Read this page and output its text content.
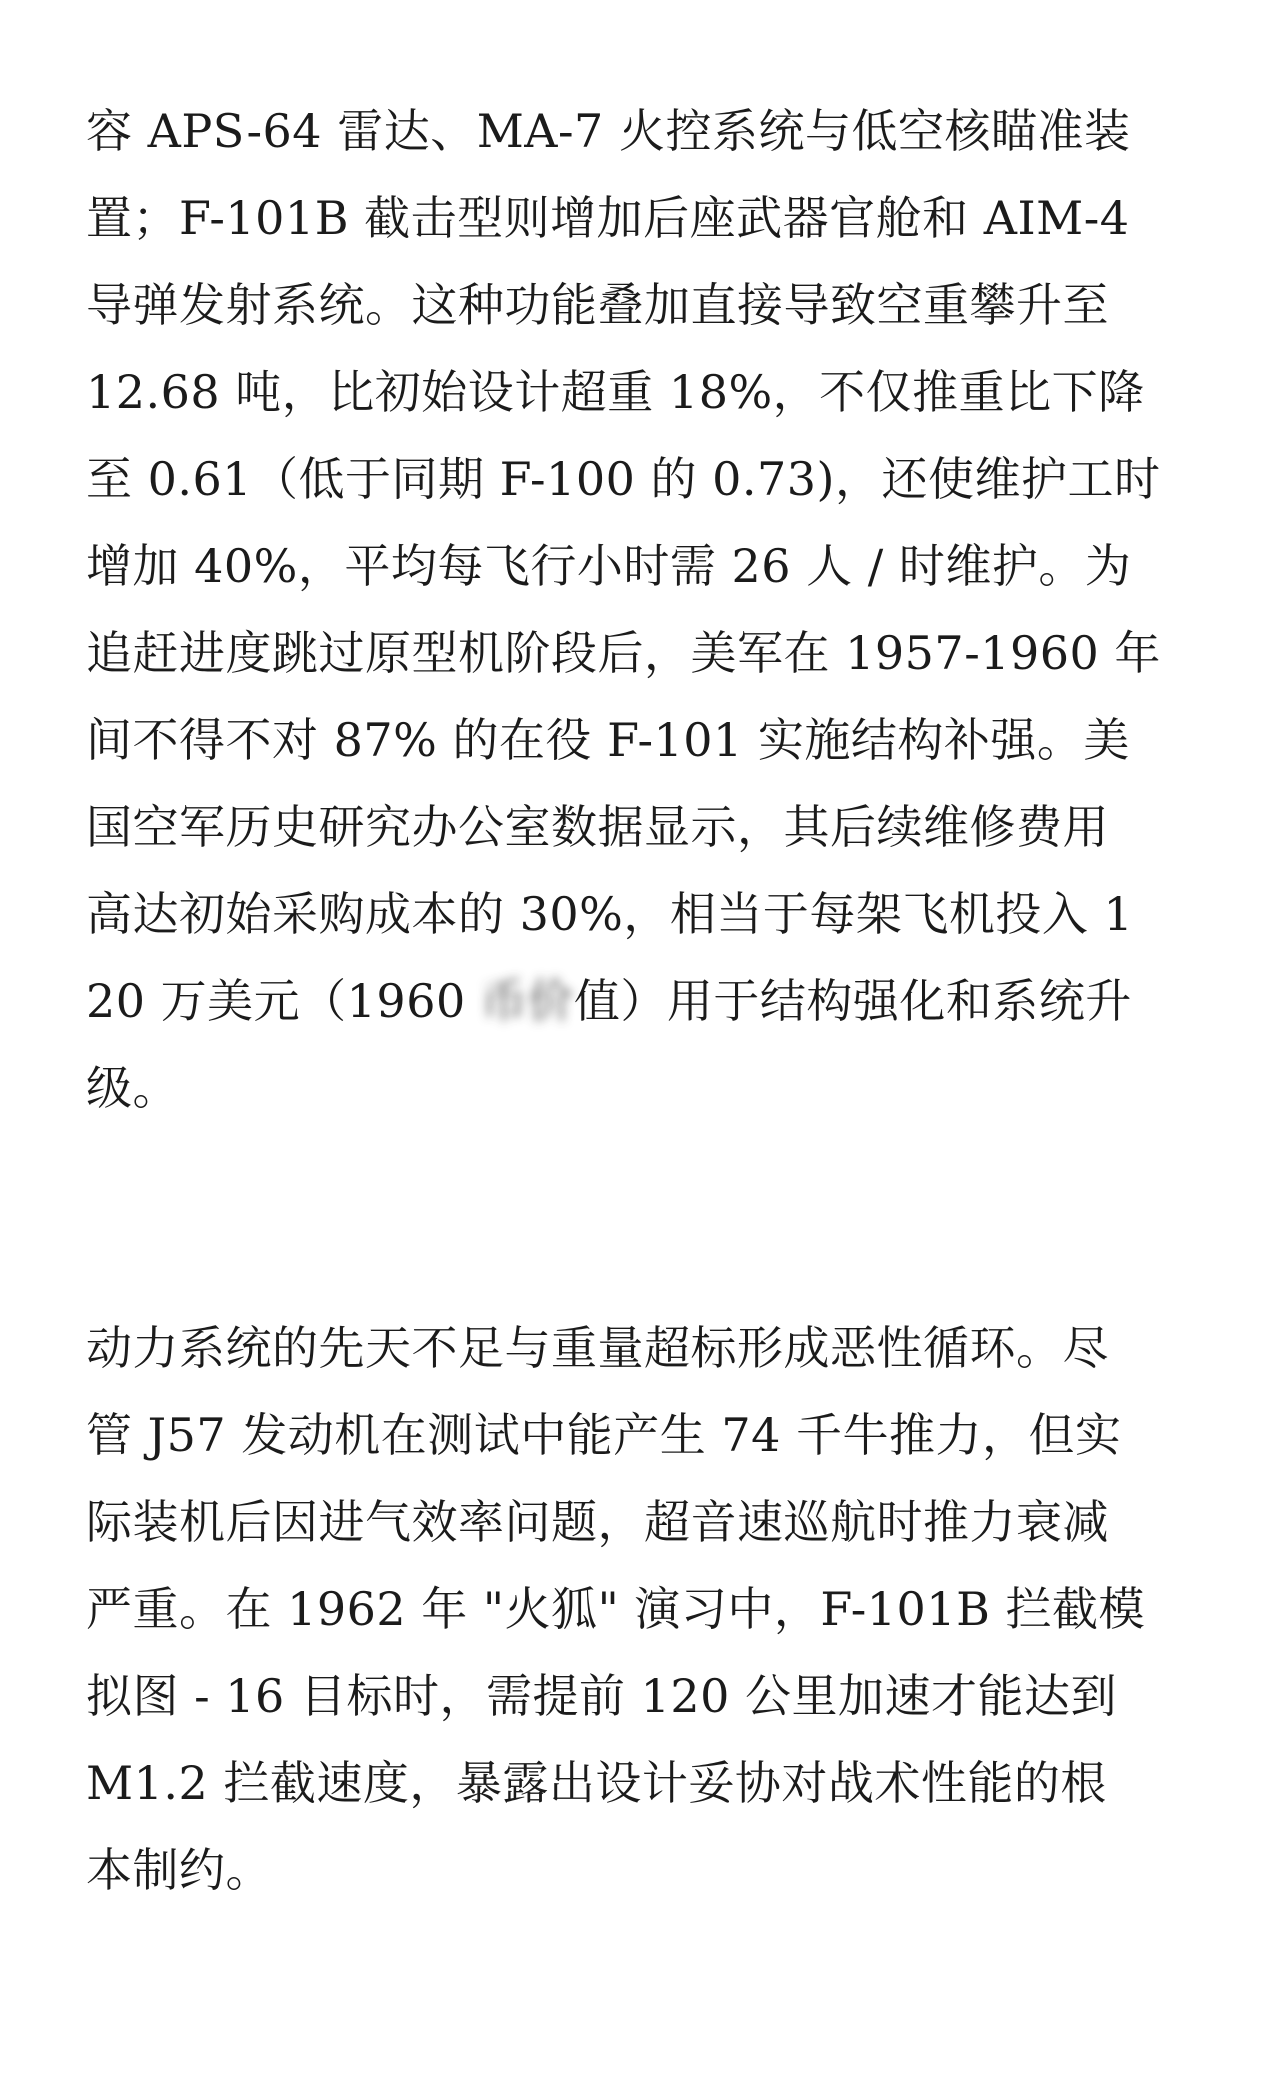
容 APS-64 雷达、MA-7 火控系统与低空核瞄准装
置；F-101B 截击型则增加后座武器官舱和 AIM-4
导弹发射系统。这种功能叠加直接导致空重攀升至
12.68 吨，比初始设计超重 18%，不仅推重比下降
至 0.61（低于同期 F-100 的 0.73)，还使维护工时
增加 40%，平均每飞行小时需 26 人 / 时维护。为
追赶进度跳过原型机阶段后，美军在 1957-1960 年
间不得不对 87% 的在役 F-101 实施结构补强。美
国空军历史研究办公室数据显示，其后续维修费用
高达初始采购成本的 30%，相当于每架飞机投入 1
20 万美元（1960 币价值）用于结构强化和系统升
级。

动力系统的先天不足与重量超标形成恶性循环。尽
管 J57 发动机在测试中能产生 74 千牛推力，但实
际装机后因进气效率问题，超音速巡航时推力衰减
严重。在 1962 年 "火狐" 演习中，F-101B 拦截模
拟图 - 16 目标时，需提前 120 公里加速才能达到
M1.2 拦截速度，暴露出设计妥协对战术性能的根
本制约。
